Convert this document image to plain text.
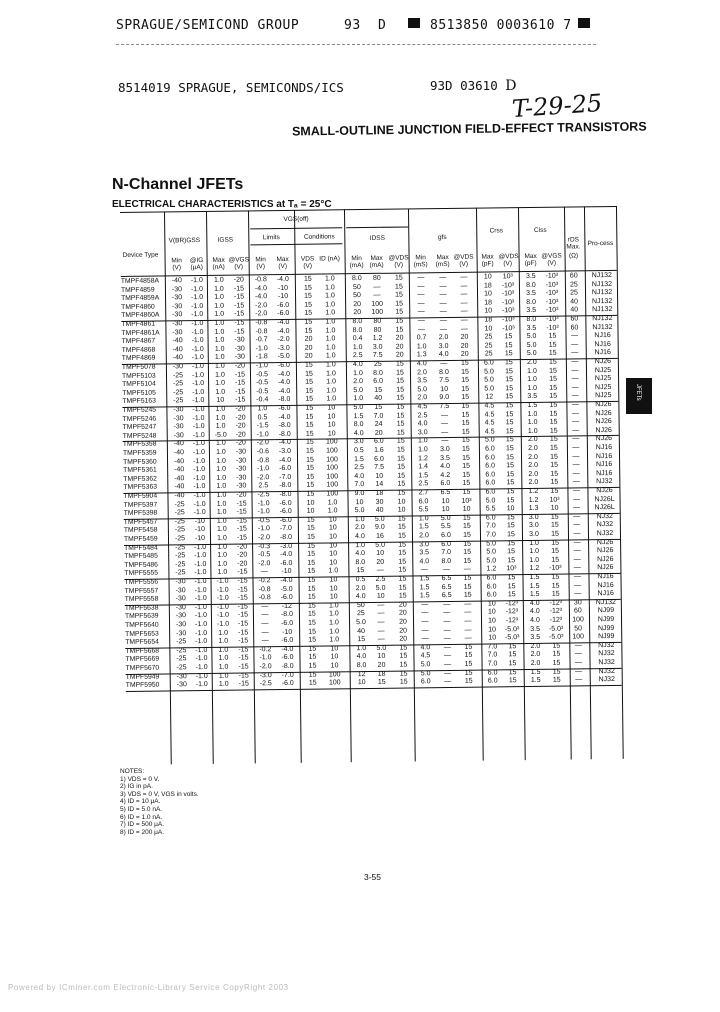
SPRAGUE/SEMICOND GROUP	93 D	8513850 0003610 7
8514019 SPRAGUE, SEMICONDS/ICS	93D 03610 D
T-29-25
SMALL-OUTLINE JUNCTION FIELD-EFFECT TRANSISTORS
N-Channel JFETs
ELECTRICAL CHARACTERISTICS at Tₐ = 25°C
JFETs
Device Type
V(BR)GSS	IGSS
VGS(off)
Limits	Conditions	IDSS	gfs
Crss	Ciss
rDS Max.	Pro-cess
Min (V)
@IG (μA)
Max (nA)
@VGS (V)
Min (V)
Max (V)
VDS (V)
ID (nA)	Min (mA)
Max (mA)
@VDS (V)
Min (mS)
Max (mS)
@VDS (V)
Max (pF)
@VDS (V)
Max (pF)
@VGS (V)
(Ω)
TMPF4858A	-40	-1.0	1.0	-20	-0.8	-4.0	15	1.0	8.0	80	15	—	—	—	10	10³	3.5	-10³	60	NJ132
TMPF4859	-30	-1.0	1.0	-15	-4.0	-10	15	1.0	50	—	15	—	—	—	18	-10³	8.0	-10³	25	NJ132
TMPF4859A	-30	-1.0	1.0	-15	-4.0	-10	15	1.0	50	—	15	—	—	—	10	-10³	3.5	-10³	25	NJ132
TMPF4860	-30	-1.0	1.0	-15	-2.0	-6.0	15	1.0	20	100	15	—	—	—	18	-10³	8.0	-10³	40	NJ132
TMPF4860A	-30	-1.0	1.0	-15	-2.0	-6.0	15	1.0	20	100	15	—	—	—	10	-10³	3.5	-10³	40	NJ132
TMPF4861	-30	-1.0	1.0	-15	-0.8	-4.0	15	1.0	8.0	80	15	—	—	—	18	-10³	8.0	-10³	60	NJ132
TMPF4861A	-30	-1.0	1.0	-15	-0.8	-4.0	15	1.0	8.0	80	15	—	—	—	10	-10³	3.5	-10³	60	NJ132
TMPF4867	-40	-1.0	1.0	-30	-0.7	-2.0	20	1.0	0.4	1.2	20	0.7	2.0	20	25	15	5.0	15	—	NJ16
TMPF4868	-40	-1.0	1.0	-30	-1.0	-3.0	20	1.0	1.0	3.0	20	1.0	3.0	20	25	15	5.0	15	—	NJ16
TMPF4869	-40	-1.0	1.0	-30	-1.8	-5.0	20	1.0	2.5	7.5	20	1.3	4.0	20	25	15	5.0	15	—	NJ16
TMPF5078	-30	-1.0	1.0	-20	-1.0	-6.0	15	1.0	4.0	25	15	4.0	—	15	6.0	15	2.0	15	—	NJ26
TMPF5103	-25	-1.0	1.0	-15	-0.5	-4.0	15	1.0	1.0	8.0	15	2.0	8.0	15	5.0	15	1.0	15	—	NJ25
TMPF5104	-25	-1.0	1.0	-15	-0.5	-4.0	15	1.0	2.0	6.0	15	3.5	7.5	15	5.0	15	1.0	15	—	NJ25
TMPF5105	-25	-1.0	1.0	-15	-0.5	-4.0	15	1.0	5.0	15	15	5.0	10	15	5.0	15	1.0	15	—	NJ25
TMPF5163	-25	-1.0	10	-15	-0.4	-8.0	15	1.0	1.0	40	15	2.0	9.0	15	12	15	3.5	15	—	NJ25
TMPF5245	-30	-1.0	1.0	-20	1.0	-6.0	15	10	5.0	15	15	4.5	7.5	15	4.5	15	1.5	15	—	NJ26
TMPF5246	-30	-1.0	1.0	-20	0.5	-4.0	15	10	1.5	7.0	15	2.5	—	15	4.5	15	1.0	15	—	NJ26
TMPF5247	-30	-1.0	1.0	-20	-1.5	-8.0	15	10	8.0	24	15	4.0	—	15	4.5	15	1.0	15	—	NJ26
TMPF5248	-30	-1.0	-5.0	-20	-1.0	-8.0	15	10	4.0	20	15	3.0	—	15	4.5	15	1.0	15	—	NJ26
TMPF5358	-40	-1.0	1.0	-20	-2.0	-4.0	15	100	3.0	6.0	15	1.0	—	15	5.0	15	2.0	15	—	NJ26
TMPF5359	-40	-1.0	1.0	-30	-0.6	-3.0	15	100	0.5	1.6	15	1.0	3.0	15	6.0	15	2.0	15	—	NJ16
TMPF5360	-40	-1.0	1.0	-30	-0.8	-4.0	15	100	1.5	6.0	15	1.2	3.5	15	6.0	15	2.0	15	—	NJ16
TMPF5361	-40	-1.0	1.0	-30	-1.0	-6.0	15	100	2.5	7.5	15	1.4	4.0	15	6.0	15	2.0	15	—	NJ16
TMPF5362	-40	-1.0	1.0	-30	-2.0	-7.0	15	100	4.0	10	15	1.5	4.2	15	6.0	15	2.0	15	—	NJ16
TMPF5363	-40	-1.0	1.0	-30	2.5	-8.0	15	100	7.0	14	15	2.5	6.0	15	6.0	15	2.0	15	—	NJ32
TMPF5904	-40	-1.0	1.0	-20	-2.5	-8.0	15	100	9.0	18	15	2.7	6.5	15	6.0	15	1.2	15	—	NJ26
TMPF5397	-25	-1.0	1.0	-15	-1.0	-6.0	10	1.0	10	30	10	6.0	10	10³	5.0	15	1.2	10³	—	NJ26L
TMPF5398	-25	-1.0	1.0	-15	-1.0	-6.0	10	1.0	5.0	40	10	5.5	10	10	5.5	10	1.3	10	—	NJ26L
TMPF5457	-25	-10	1.0	-15	-0.5	-6.0	15	10	1.0	5.0	15	1.0	5.0	15	6.0	15	3.0	15	—	NJ32
TMPF5458	-25	-10	1.0	-15	-1.0	-7.0	15	10	2.0	9.0	15	1.5	5.5	15	7.0	15	3.0	15	—	NJ32
TMPF5459	-25	-10	1.0	-15	-2.0	-8.0	15	10	4.0	16	15	2.0	6.0	15	7.0	15	3.0	15	—	NJ32
TMPF5484	-25	-1.0	1.0	-20	-0.3	-3.0	15	10	1.0	5.0	15	3.0	6.0	15	5.0	15	1.0	15	—	NJ26
TMPF5485	-25	-1.0	1.0	-20	-0.5	-4.0	15	10	4.0	10	15	3.5	7.0	15	5.0	15	1.0	15	—	NJ26
TMPF5486	-25	-1.0	1.0	-20	-2.0	-6.0	15	10	8.0	20	15	4.0	8.0	15	5.0	15	1.0	15	—	NJ26
TMPF5555	-25	-1.0	1.0	-15	—	-10	15	1.0	15	—	15	—	—	—	1.2	10³	1.2	-10³	—	NJ26
TMPF5556	-30	-1.0	-1.0	-15	-0.2	-4.0	15	10	0.5	2.5	15	1.5	6.5	15	6.0	15	1.5	15	—	NJ16
TMPF5557	-30	-1.0	-1.0	-15	-0.8	-5.0	15	10	2.0	5.0	15	1.5	6.5	15	6.0	15	1.5	15	—	NJ16
TMPF5558	-30	-1.0	-1.0	-15	-0.8	-6.0	15	10	4.0	10	15	1.5	6.5	15	6.0	15	1.5	15	—	NJ16
TMPF5638	-30	-1.0	-1.0	-15	—	-12	15	1.0	50	—	20	—	—	—	10	-12³	4.0	-12³	30	NJ132
TMPF5639	-30	-1.0	-1.0	-15	—	-8.0	15	1.0	25	—	20	—	—	—	10	-12³	4.0	-12³	60	NJ99
TMPF5640	-30	-1.0	-1.0	-15	—	-6.0	15	1.0	5.0	—	20	—	—	—	10	-12³	4.0	-12³	100	NJ99
TMPF5653	-30	-1.0	1.0	-15	—	-10	15	1.0	40	—	20	—	—	—	10	-5.0³	3.5	-5.0³	50	NJ99
TMPF5654	-25	-1.0	1.0	-15	—	-6.0	15	1.0	15	—	20	—	—	—	10	-5.0³	3.5	-5.0³	100	NJ99
TMPF5668	-25	-1.0	1.0	-15	-0.2	-4.0	15	10	1.0	5.0	15	4.0	—	15	7.0	15	2.0	15	—	NJ32
TMPF5669	-25	-1.0	1.0	-15	-1.0	-6.0	15	10	4.0	10	15	4.5	—	15	7.0	15	2.0	15	—	NJ32
TMPF5670	-25	-1.0	1.0	-15	-2.0	-8.0	15	10	8.0	20	15	5.0	—	15	7.0	15	2.0	15	—	NJ32
TMPF5949	-30	-1.0	1.0	-15	-3.0	-7.0	15	100	12	18	15	5.0	—	15	6.0	15	1.5	15	—	NJ32
TMPF5950	-30	-1.0	1.0	-15	-2.5	-6.0	15	100	10	15	15	6.0	—	15	6.0	15	1.5	15	—	NJ32
NOTES:
1) VDS = 0 V.
2) IG in pA.
3) VDS = 0 V, VGS in volts.
4) ID = 10 μA.
5) ID = 5.0 nA.
6) ID = 1.0 nA.
7) ID = 500 μA.
8) ID = 200 μA.
3-55
Powered by ICminer.com Electronic-Library Service CopyRight 2003
